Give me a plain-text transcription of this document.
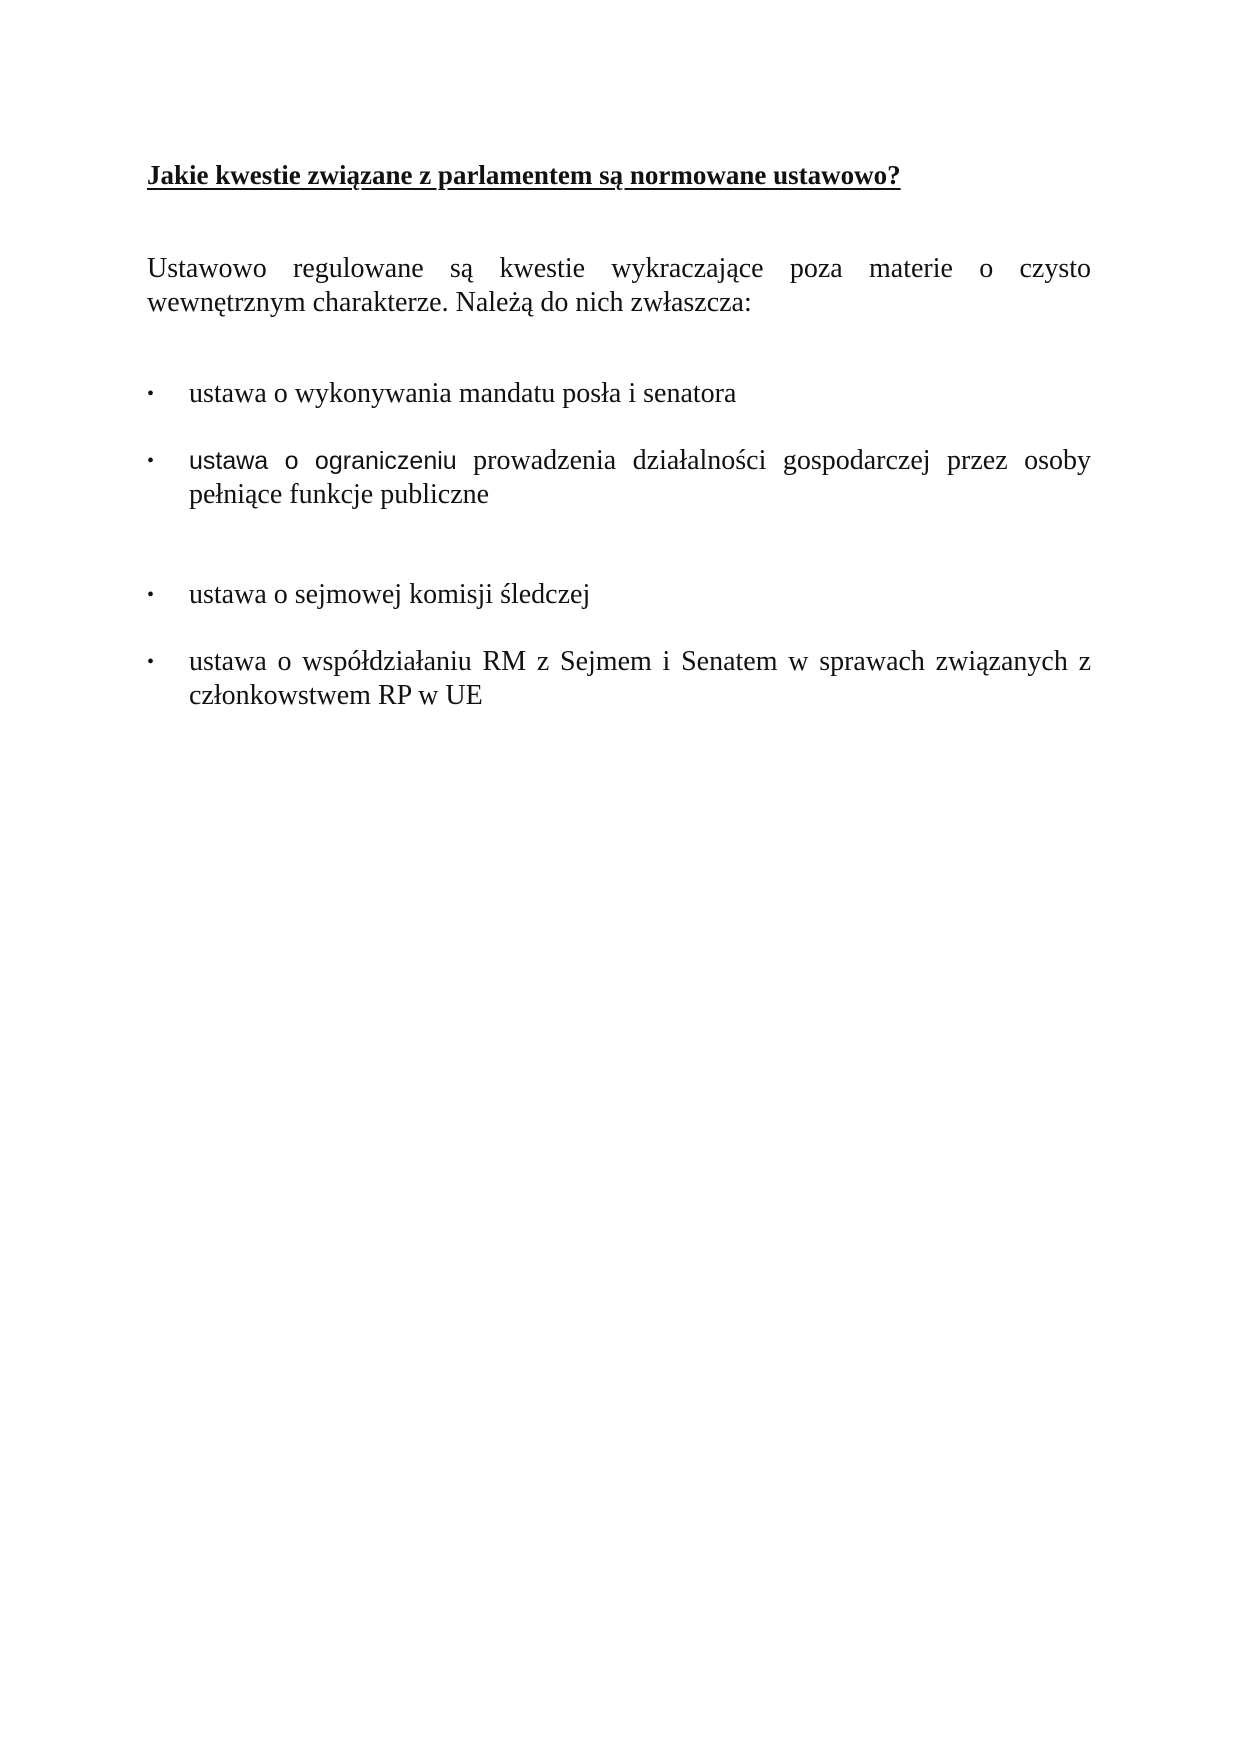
Jakie kwestie związane z parlamentem są normowane ustawowo?

Ustawowo regulowane są kwestie wykraczające poza materie o czysto wewnętrznym charakterze. Należą do nich zwłaszcza:

•	ustawa o wykonywania mandatu posła i senatora

•	ustawa o ograniczeniu prowadzenia działalności gospodarczej przez osoby pełniące funkcje publiczne

•	ustawa o sejmowej komisji śledczej

•	ustawa o współdziałaniu RM z Sejmem i Senatem w sprawach związanych z członkowstwem RP w UE
